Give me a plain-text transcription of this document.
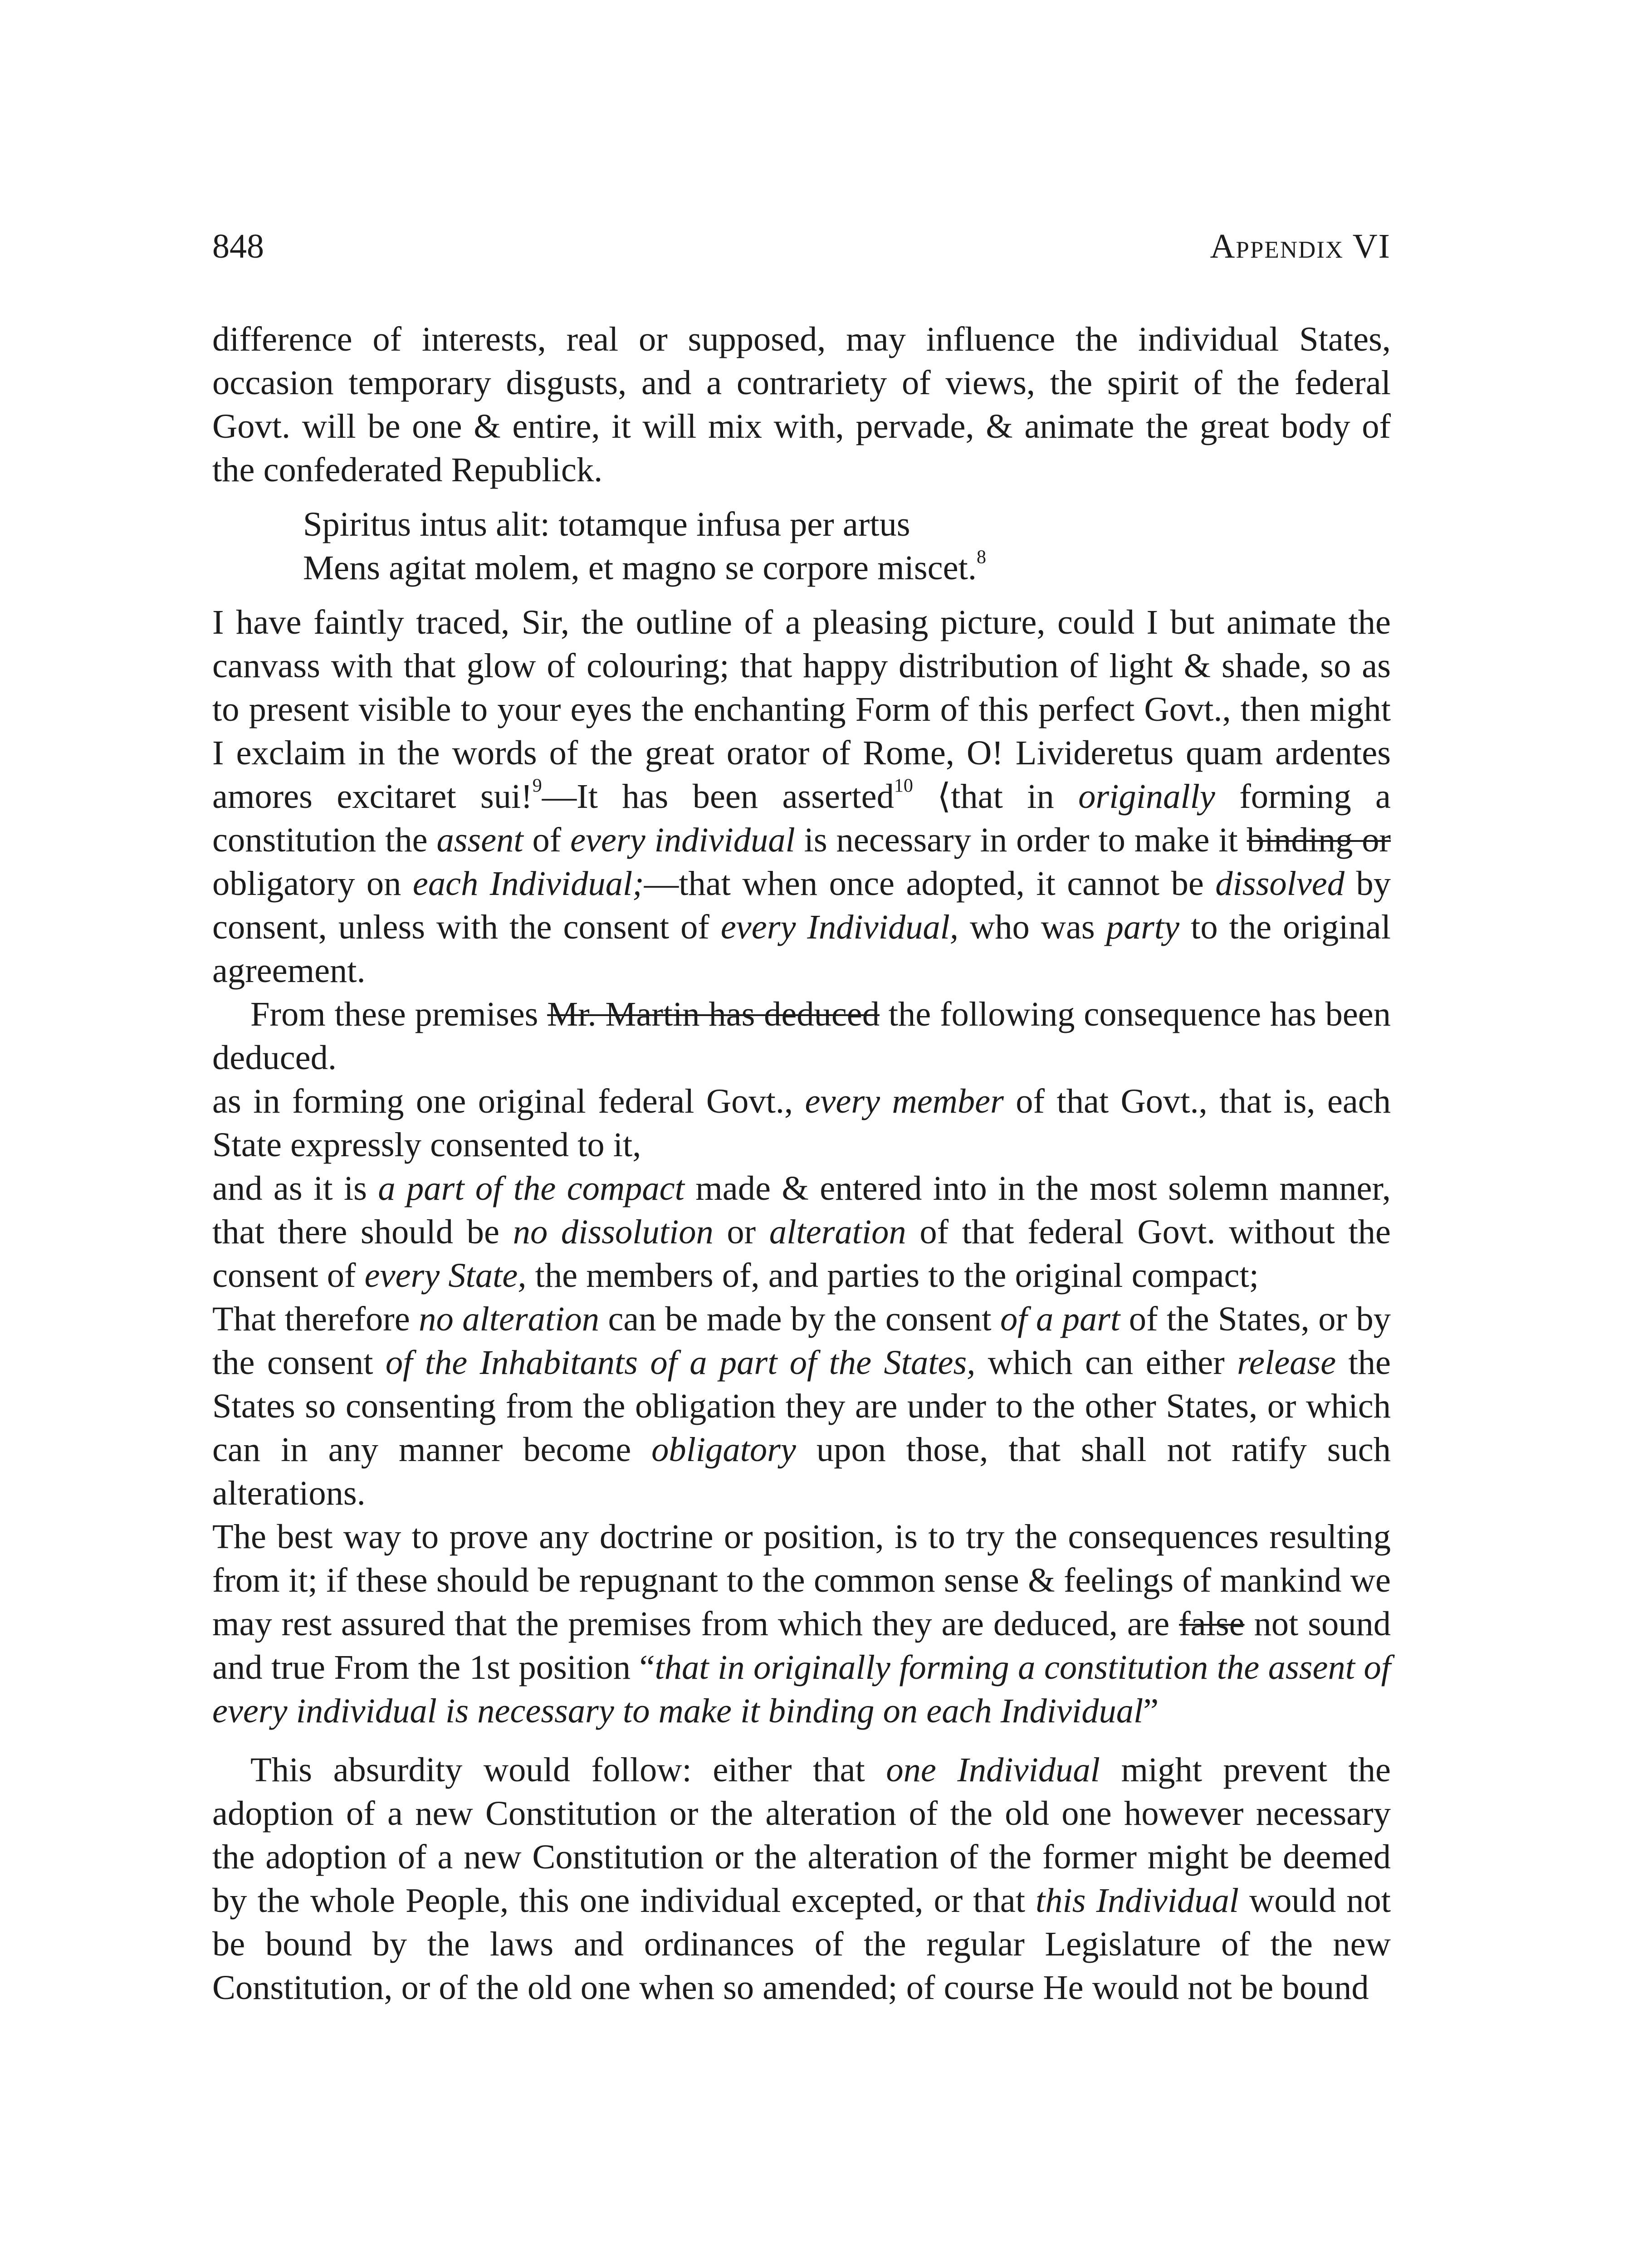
848	Appendix VI

difference of interests, real or supposed, may influence the individual States, occasion temporary disgusts, and a contrariety of views, the spirit of the federal Govt. will be one & entire, it will mix with, pervade, & animate the great body of the confederated Republick.

Spiritus intus alit: totamque infusa per artus
Mens agitat molem, et magno se corpore miscet.$^8$

I have faintly traced, Sir, the outline of a pleasing picture, could I but animate the canvass with that glow of colouring; that happy distribution of light & shade, so as to present visible to your eyes the enchanting Form of this perfect Govt., then might I exclaim in the words of the great orator of Rome, O! Livideretus quam ardentes amores excitaret sui!$^9$—It has been asserted$^{10}$ ⟨that in originally forming a constitution the assent of every individual is necessary in order to make it binding or obligatory on each Individual;—that when once adopted, it cannot be dissolved by consent, unless with the consent of every Individual, who was party to the original agreement.

From these premises Mr. Martin has deduced the following consequence has been deduced.

as in forming one original federal Govt., every member of that Govt., that is, each State expressly consented to it,

and as it is a part of the compact made & entered into in the most solemn manner, that there should be no dissolution or alteration of that federal Govt. without the consent of every State, the members of, and parties to the original compact;

That therefore no alteration can be made by the consent of a part of the States, or by the consent of the Inhabitants of a part of the States, which can either release the States so consenting from the obligation they are under to the other States, or which can in any manner become obligatory upon those, that shall not ratify such alterations.

The best way to prove any doctrine or position, is to try the consequences resulting from it; if these should be repugnant to the common sense & feelings of mankind we may rest assured that the premises from which they are deduced, are false not sound and true From the 1st position “that in originally forming a constitution the assent of every individual is necessary to make it binding on each Individual”

This absurdity would follow: either that one Individual might prevent the adoption of a new Constitution or the alteration of the old one however necessary the adoption of a new Constitution or the alteration of the former might be deemed by the whole People, this one individual excepted, or that this Individual would not be bound by the laws and ordinances of the regular Legislature of the new Constitution, or of the old one when so amended; of course He would not be bound
